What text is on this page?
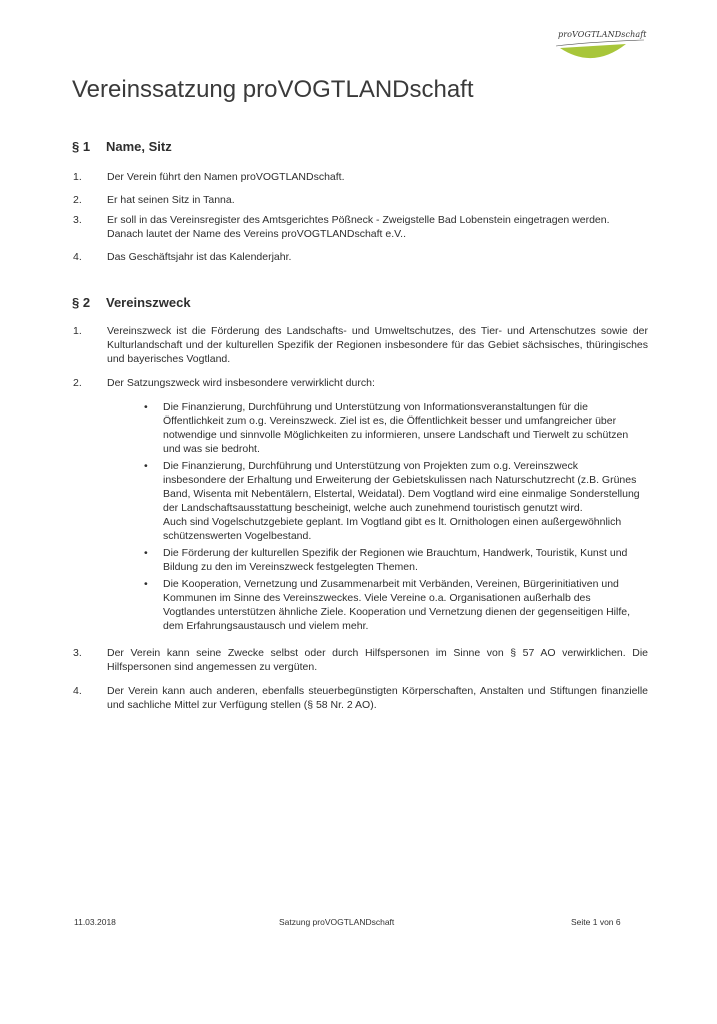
proVOGTLANDschaft
Vereinssatzung proVOGTLANDschaft
§ 1 Name, Sitz
1. Der Verein führt den Namen proVOGTLANDschaft.
2. Er hat seinen Sitz in Tanna.
3. Er soll in das Vereinsregister des Amtsgerichtes Pößneck - Zweigstelle Bad Lobenstein eingetragen werden. Danach lautet der Name des Vereins proVOGTLANDschaft e.V..
4. Das Geschäftsjahr ist das Kalenderjahr.
§ 2 Vereinszweck
1. Vereinszweck ist die Förderung des Landschafts- und Umweltschutzes, des Tier- und Artenschutzes sowie der Kulturlandschaft und der kulturellen Spezifik der Regionen insbesondere für das Gebiet sächsisches, thüringisches und bayerisches Vogtland.
2. Der Satzungszweck wird insbesondere verwirklicht durch:
• Die Finanzierung, Durchführung und Unterstützung von Informationsveranstaltungen für die Öffentlichkeit zum o.g. Vereinszweck. Ziel ist es, die Öffentlichkeit besser und umfangreicher über notwendige und sinnvolle Möglichkeiten zu informieren, unsere Landschaft und Tierwelt zu schützen und was sie bedroht.
• Die Finanzierung, Durchführung und Unterstützung von Projekten zum o.g. Vereinszweck insbesondere der Erhaltung und Erweiterung der Gebietskulissen nach Naturschutzrecht (z.B. Grünes Band, Wisenta mit Nebentälern, Elstertal, Weidatal). Dem Vogtland wird eine einmalige Sonderstellung der Landschaftsausstattung bescheinigt, welche auch zunehmend touristisch genutzt wird.
Auch sind Vogelschutzgebiete geplant. Im Vogtland gibt es lt. Ornithologen einen außergewöhnlich schützenswerten Vogelbestand.
• Die Förderung der kulturellen Spezifik der Regionen wie Brauchtum, Handwerk, Touristik, Kunst und Bildung zu den im Vereinszweck festgelegten Themen.
• Die Kooperation, Vernetzung und Zusammenarbeit mit Verbänden, Vereinen, Bürgerinitiativen und Kommunen im Sinne des Vereinszweckes. Viele Vereine o.a. Organisationen außerhalb des Vogtlandes unterstützen ähnliche Ziele. Kooperation und Vernetzung dienen der gegenseitigen Hilfe, dem Erfahrungsaustausch und vielem mehr.
3. Der Verein kann seine Zwecke selbst oder durch Hilfspersonen im Sinne von § 57 AO verwirklichen. Die Hilfspersonen sind angemessen zu vergüten.
4. Der Verein kann auch anderen, ebenfalls steuerbegünstigten Körperschaften, Anstalten und Stiftungen finanzielle und sachliche Mittel zur Verfügung stellen (§ 58 Nr. 2 AO).
11.03.2018	Satzung proVOGTLANDschaft	Seite 1 von 6
